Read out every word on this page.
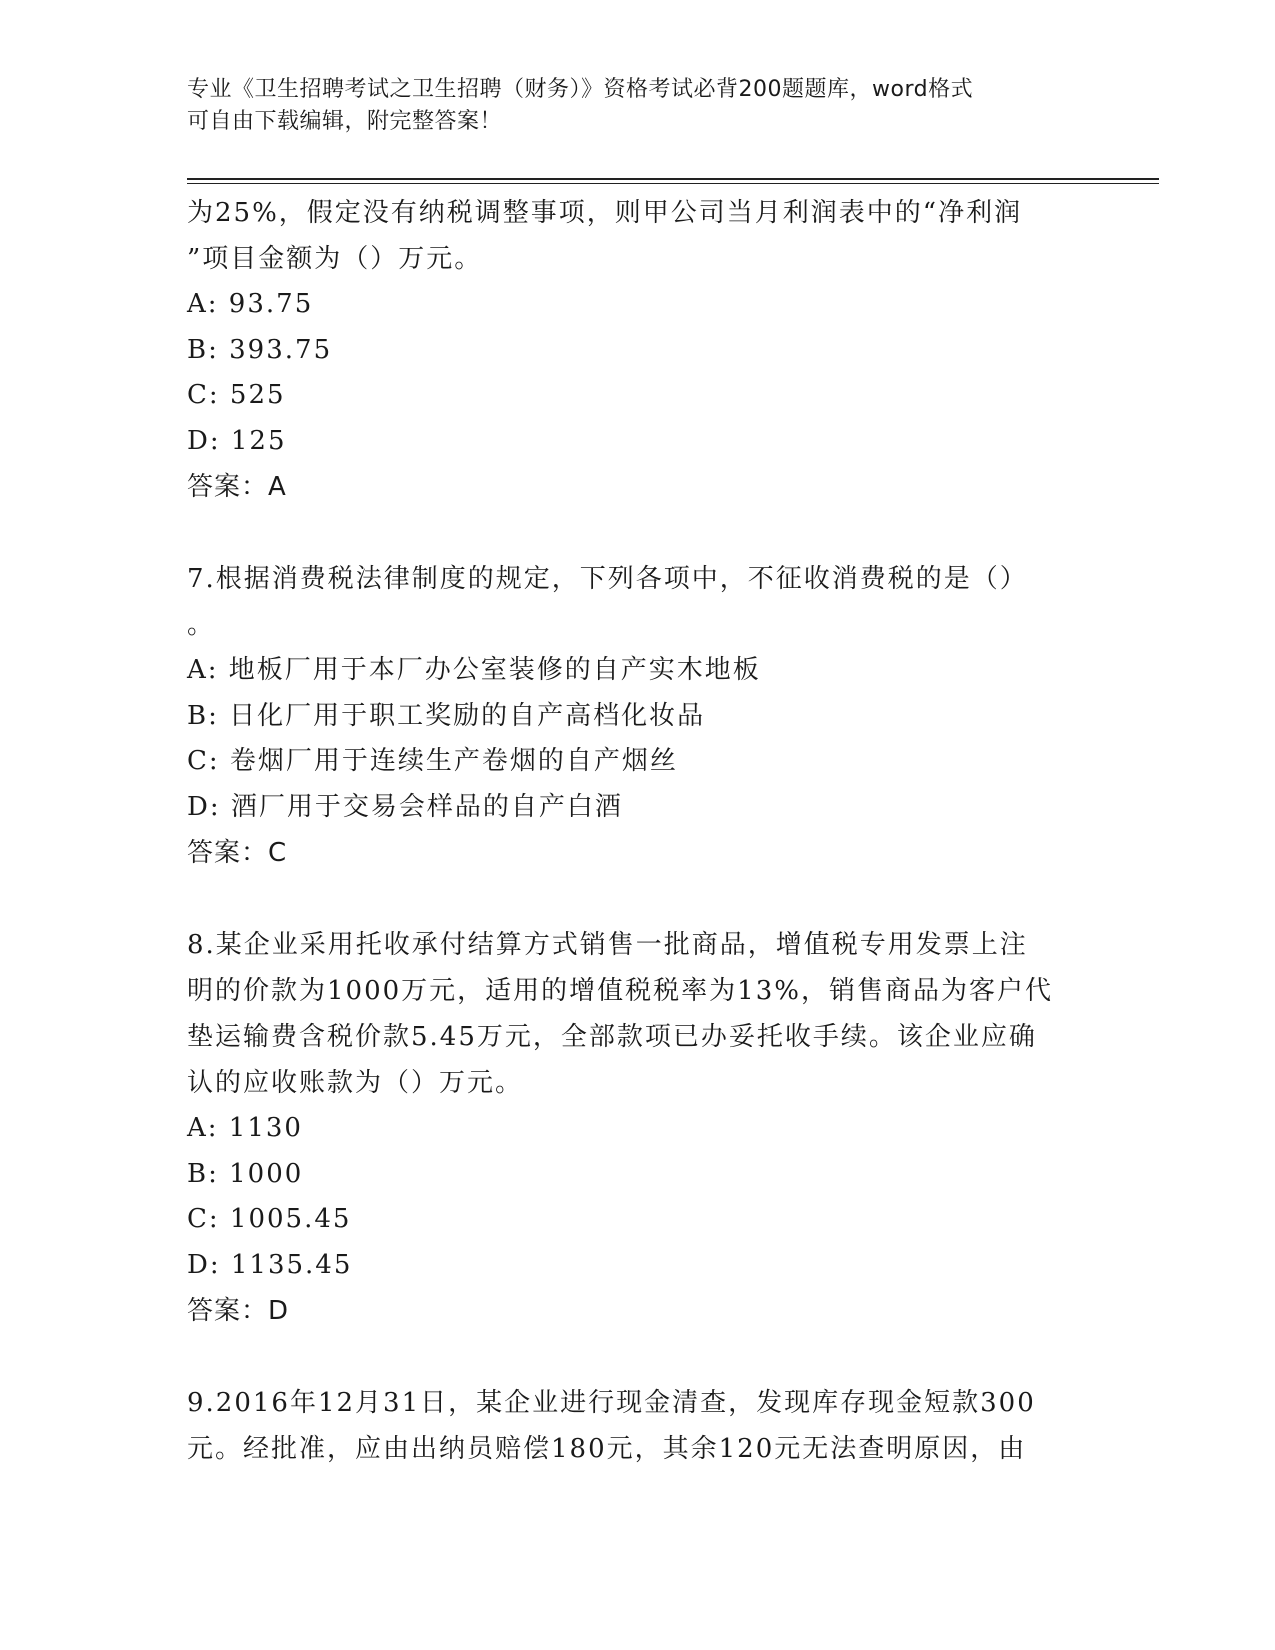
专业《卫生招聘考试之卫生招聘（财务）》资格考试必背200题题库，word格式
可自由下载编辑，附完整答案！
为25%，假定没有纳税调整事项，则甲公司当月利润表中的“净利润
”项目金额为（）万元。
A: 93.75
B: 393.75
C: 525
D: 125
答案：A
7.根据消费税法律制度的规定，下列各项中，不征收消费税的是（）
。
A: 地板厂用于本厂办公室装修的自产实木地板
B: 日化厂用于职工奖励的自产高档化妆品
C: 卷烟厂用于连续生产卷烟的自产烟丝
D: 酒厂用于交易会样品的自产白酒
答案：C
8.某企业采用托收承付结算方式销售一批商品，增值税专用发票上注
明的价款为1000万元，适用的增值税税率为13%，销售商品为客户代
垫运输费含税价款5.45万元，全部款项已办妥托收手续。该企业应确
认的应收账款为（）万元。
A: 1130
B: 1000
C: 1005.45
D: 1135.45
答案：D
9.2016年12月31日，某企业进行现金清查，发现库存现金短款300
元。经批准，应由出纳员赔偿180元，其余120元无法查明原因，由
